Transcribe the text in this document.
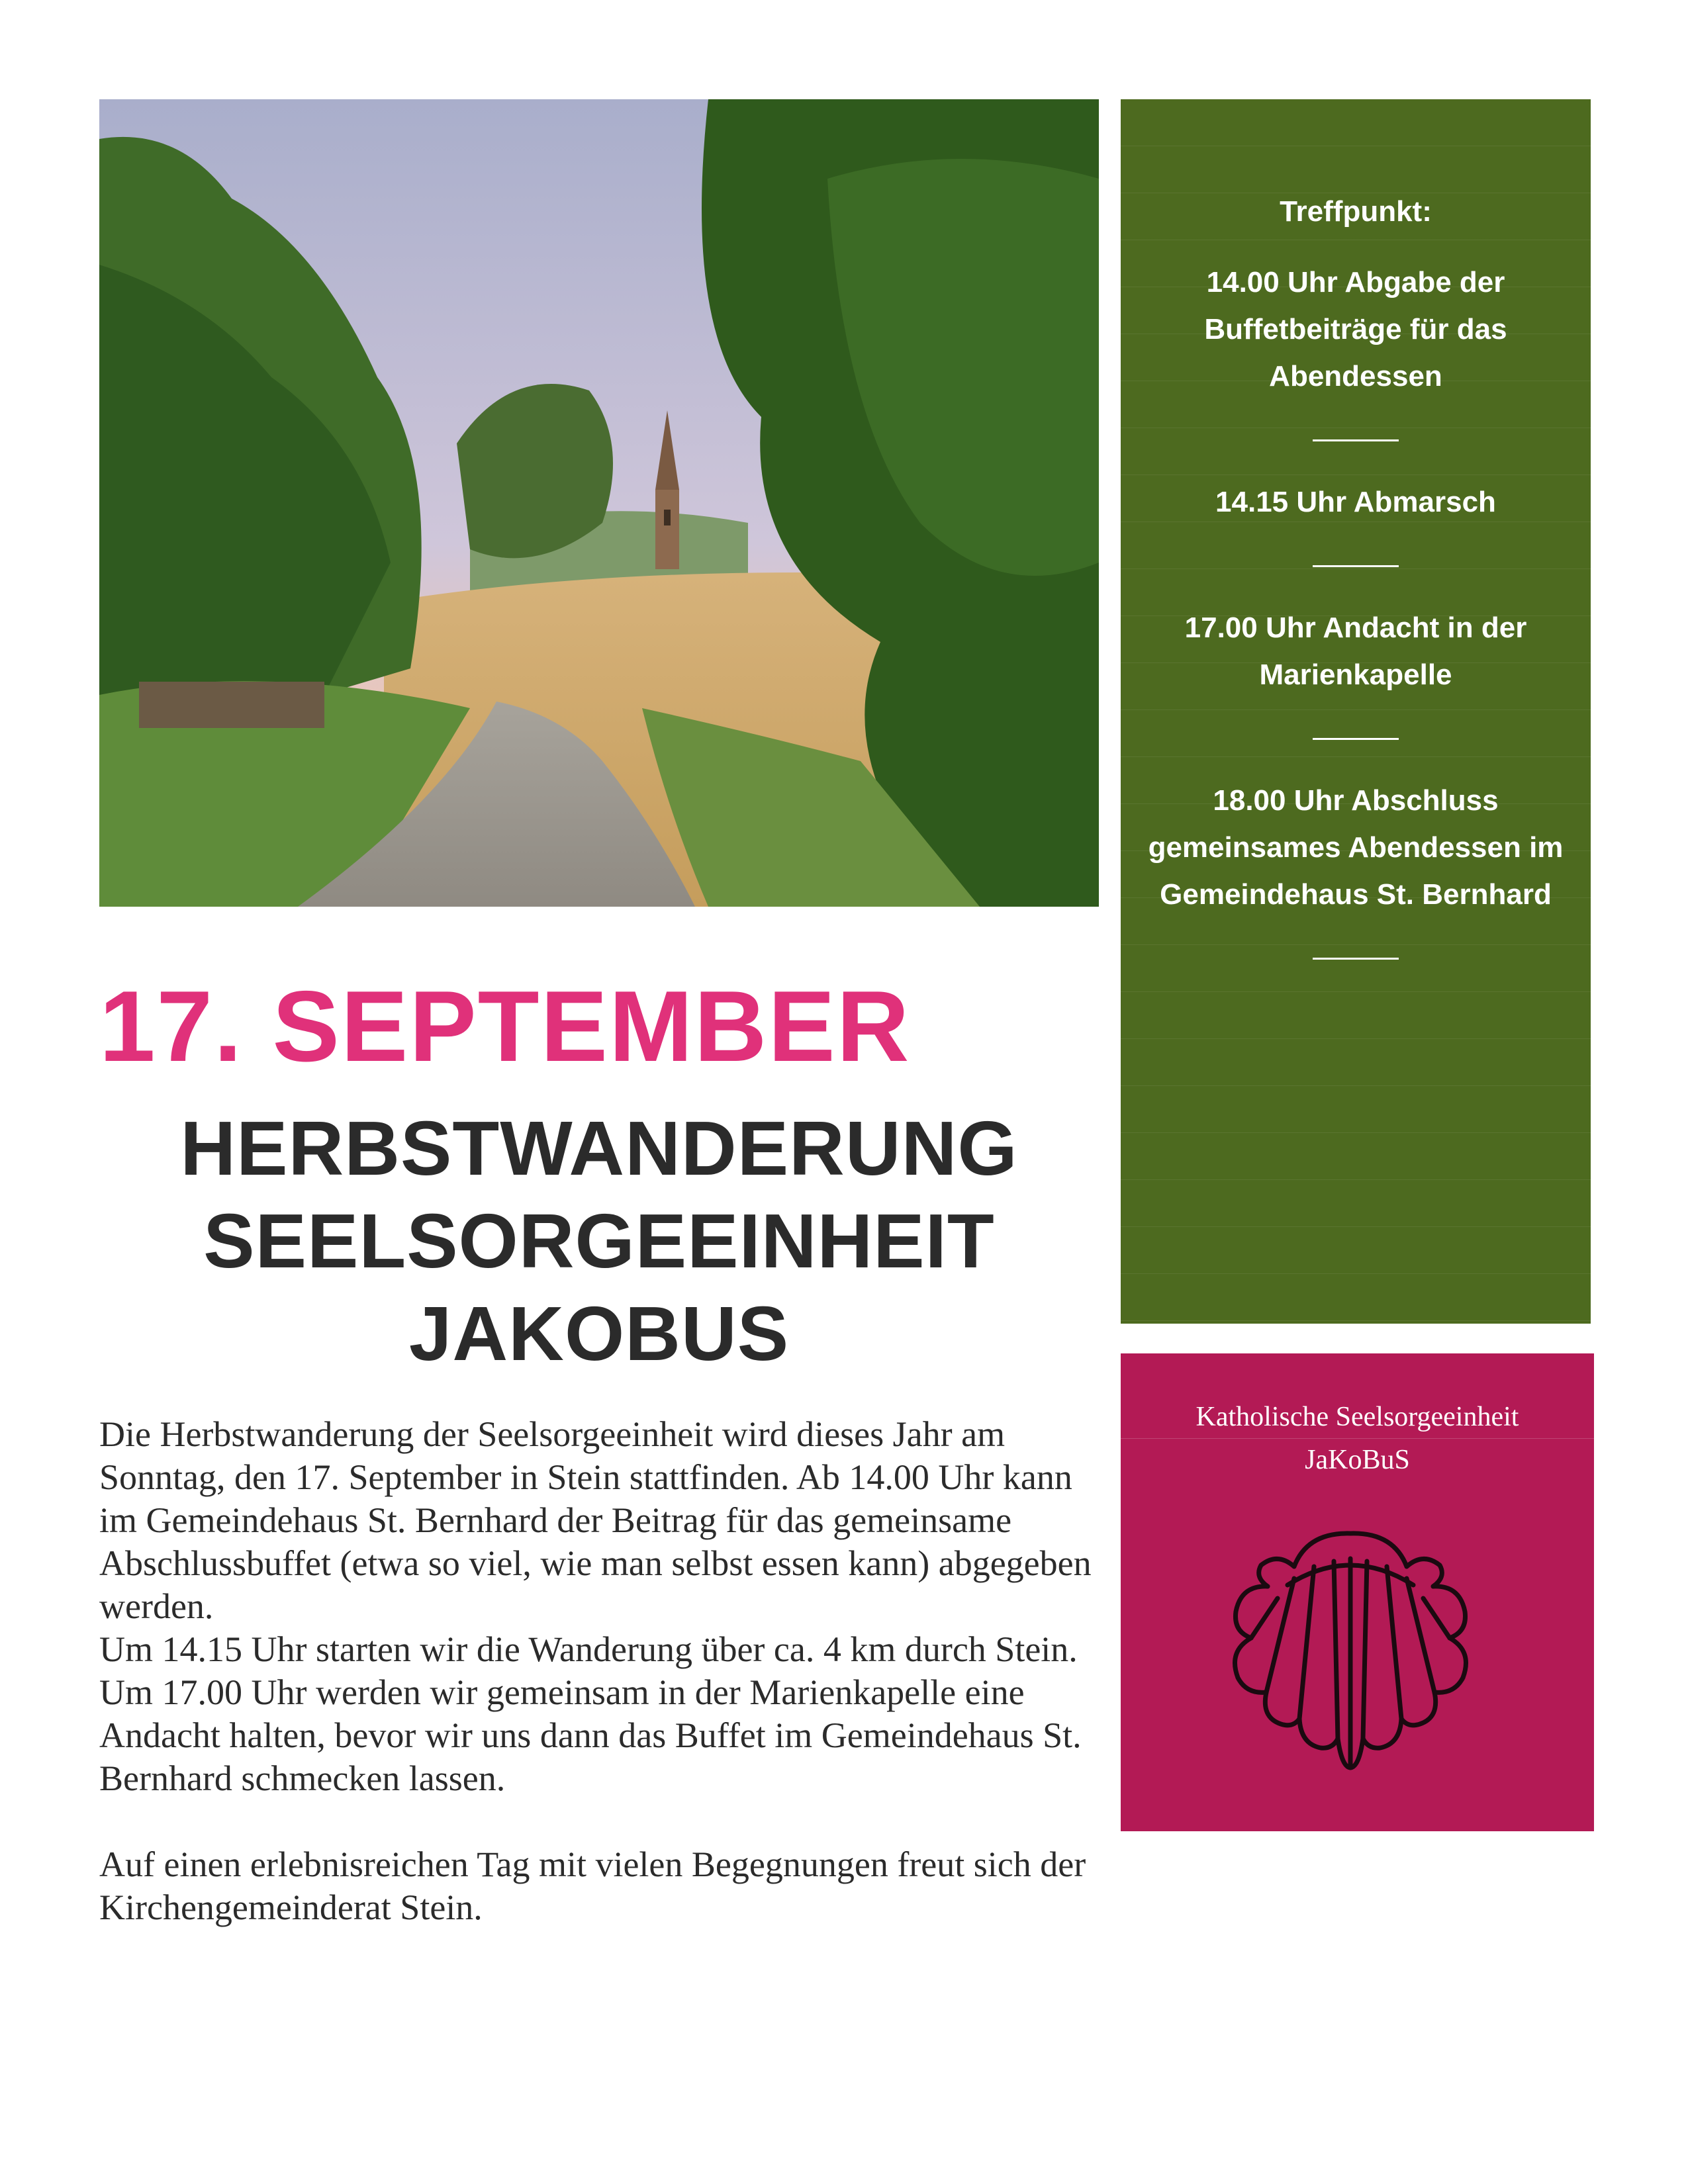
17. SEPTEMBER
HERBSTWANDERUNG
SEELSORGEEINHEIT
JAKOBUS

Die Herbstwanderung der Seelsorgeeinheit wird dieses Jahr am Sonntag, den 17. September in Stein stattfinden. Ab 14.00 Uhr kann im Gemeindehaus St. Bernhard der Beitrag für das gemeinsame Abschlussbuffet (etwa so viel, wie man selbst essen kann) abgegeben werden.

Um 14.15 Uhr starten wir die Wanderung über ca. 4 km durch Stein.

Um 17.00 Uhr werden wir gemeinsam in der Marienkapelle eine Andacht halten, bevor wir uns dann das Buffet im Gemeindehaus St. Bernhard schmecken lassen.

Auf einen erlebnisreichen Tag mit vielen Begegnungen freut sich der Kirchengemeinderat Stein.

Treffpunkt:
14.00 Uhr Abgabe der Buffetbeiträge für das Abendessen
14.15 Uhr Abmarsch
17.00 Uhr Andacht in der Marienkapelle
18.00 Uhr Abschluss gemeinsames Abendessen im Gemeindehaus St. Bernhard
Katholische Seelsorgeeinheit
JaKoBuS
